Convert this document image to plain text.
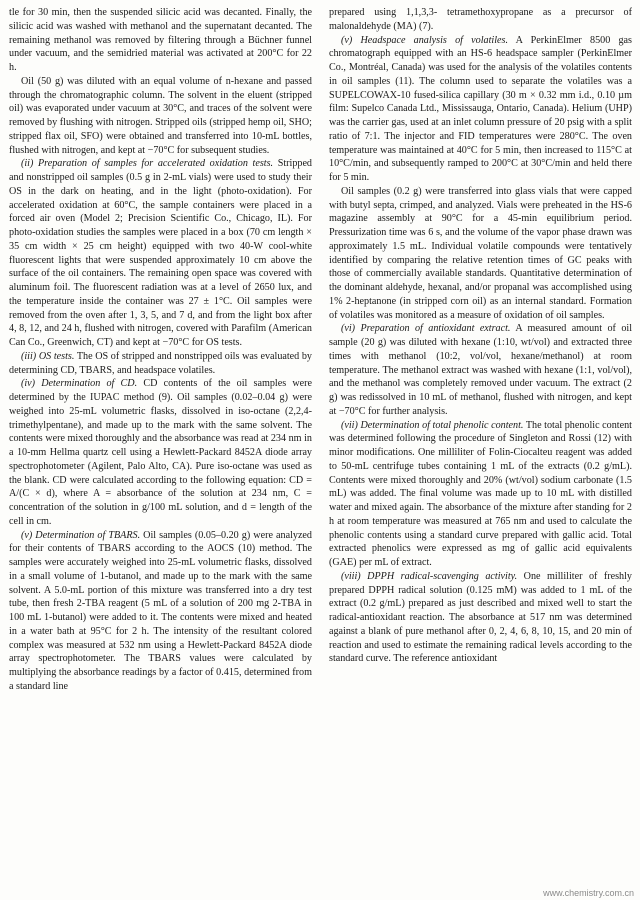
tle for 30 min, then the suspended silicic acid was decanted. Finally, the silicic acid was washed with methanol and the supernatant decanted. The remaining methanol was removed by filtering through a Büchner funnel under vacuum, and the semidried material was activated at 200°C for 22 h.

Oil (50 g) was diluted with an equal volume of n-hexane and passed through the chromatographic column. The solvent in the eluent (stripped oil) was evaporated under vacuum at 30°C, and traces of the solvent were removed by flushing with nitrogen. Stripped oils (stripped hemp oil, SHO; stripped flax oil, SFO) were obtained and transferred into 10-mL bottles, flushed with nitrogen, and kept at −70°C for subsequent studies.

(ii) Preparation of samples for accelerated oxidation tests. Stripped and nonstripped oil samples (0.5 g in 2-mL vials) were used to study their OS in the dark on heating, and in the light (photo-oxidation). For accelerated oxidation at 60°C, the sample containers were placed in a forced air oven (Model 2; Precision Scientific Co., Chicago, IL). For photo-oxidation studies the samples were placed in a box (70 cm length × 35 cm width × 25 cm height) equipped with two 40-W cool-white fluorescent lights that were suspended approximately 10 cm above the surface of the oil containers. The remaining open space was covered with aluminum foil. The fluorescent radiation was at a level of 2650 lux, and the temperature inside the container was 27 ± 1°C. Oil samples were removed from the oven after 1, 3, 5, and 7 d, and from the light box after 4, 8, 12, and 24 h, flushed with nitrogen, covered with Parafilm (American Can Co., Greenwich, CT) and kept at −70°C for OS tests.

(iii) OS tests. The OS of stripped and nonstripped oils was evaluated by determining CD, TBARS, and headspace volatiles.

(iv) Determination of CD. CD contents of the oil samples were determined by the IUPAC method (9). Oil samples (0.02–0.04 g) were weighed into 25-mL volumetric flasks, dissolved in iso-octane (2,2,4-trimethylpentane), and made up to the mark with the same solvent. The contents were mixed thoroughly and the absorbance was read at 234 nm in a 10-mm Hellma quartz cell using a Hewlett-Packard 8452A diode array spectrophotometer (Agilent, Palo Alto, CA). Pure iso-octane was used as the blank. CD were calculated according to the following equation: CD = A/(C × d), where A = absorbance of the solution at 234 nm, C = concentration of the solution in g/100 mL solution, and d = length of the cell in cm.

(v) Determination of TBARS. Oil samples (0.05–0.20 g) were analyzed for their contents of TBARS according to the AOCS (10) method. The samples were accurately weighed into 25-mL volumetric flasks, dissolved in a small volume of 1-butanol, and made up to the mark with the same solvent. A 5.0-mL portion of this mixture was transferred into a dry test tube, then fresh 2-TBA reagent (5 mL of a solution of 200 mg 2-TBA in 100 mL 1-butanol) were added to it. The contents were mixed and heated in a water bath at 95°C for 2 h. The intensity of the resultant colored complex was measured at 532 nm using a Hewlett-Packard 8452A diode array spectrophotometer. The TBARS values were calculated by multiplying the absorbance readings by a factor of 0.415, determined from a standard line

prepared using 1,1,3,3- tetramethoxypropane as a precursor of malonaldehyde (MA) (7).

(v) Headspace analysis of volatiles. A PerkinElmer 8500 gas chromatograph equipped with an HS-6 headspace sampler (PerkinElmer Co., Montréal, Canada) was used for the analysis of the volatiles contents in oil samples (11). The column used to separate the volatiles was a SUPELCOWAX-10 fused-silica capillary (30 m × 0.32 mm i.d., 0.10 µm film: Supelco Canada Ltd., Mississauga, Ontario, Canada). Helium (UHP) was the carrier gas, used at an inlet column pressure of 20 psig with a split ratio of 7:1. The injector and FID temperatures were 280°C. The oven temperature was maintained at 40°C for 5 min, then increased to 115°C at 10°C/min, and subsequently ramped to 200°C at 30°C/min and held there for 5 min.

Oil samples (0.2 g) were transferred into glass vials that were capped with butyl septa, crimped, and analyzed. Vials were preheated in the HS-6 magazine assembly at 90°C for a 45-min equilibrium period. Pressurization time was 6 s, and the volume of the vapor phase drawn was approximately 1.5 mL. Individual volatile compounds were tentatively identified by comparing the relative retention times of GC peaks with those of commercially available standards. Quantitative determination of the dominant aldehyde, hexanal, and/or propanal was accomplished using 1% 2-heptanone (in stripped corn oil) as an internal standard. Formation of volatiles was monitored as a measure of oxidation of oil samples.

(vi) Preparation of antioxidant extract. A measured amount of oil sample (20 g) was diluted with hexane (1:10, wt/vol) and extracted three times with methanol (10:2, vol/vol, hexane/methanol) at room temperature. The methanol extract was washed with hexane (1:1, vol/vol), and the methanol was completely removed under vacuum. The extract (2 g) was redissolved in 10 mL of methanol, flushed with nitrogen, and kept at −70°C for further analysis.

(vii) Determination of total phenolic content. The total phenolic content was determined following the procedure of Singleton and Rossi (12) with minor modifications. One milliliter of Folin-Ciocalteu reagent was added to 50-mL centrifuge tubes containing 1 mL of the extracts (0.2 g/mL). Contents were mixed thoroughly and 20% (wt/vol) sodium carbonate (1.5 mL) was added. The final volume was made up to 10 mL with distilled water and mixed again. The absorbance of the mixture after standing for 2 h at room temperature was measured at 765 nm and used to calculate the phenolic contents using a standard curve prepared with gallic acid. Total extracted phenolics were expressed as mg of gallic acid equivalents (GAE) per mL of extract.

(viii) DPPH radical-scavenging activity. One milliliter of freshly prepared DPPH radical solution (0.125 mM) was added to 1 mL of the extract (0.2 g/mL) prepared as just described and mixed well to start the radical-antioxidant reaction. The absorbance at 517 nm was determined against a blank of pure methanol after 0, 2, 4, 6, 8, 10, 15, and 20 min of reaction and used to estimate the remaining radical levels according to the standard curve. The reference antioxidant

www.chemistry.com.cn
